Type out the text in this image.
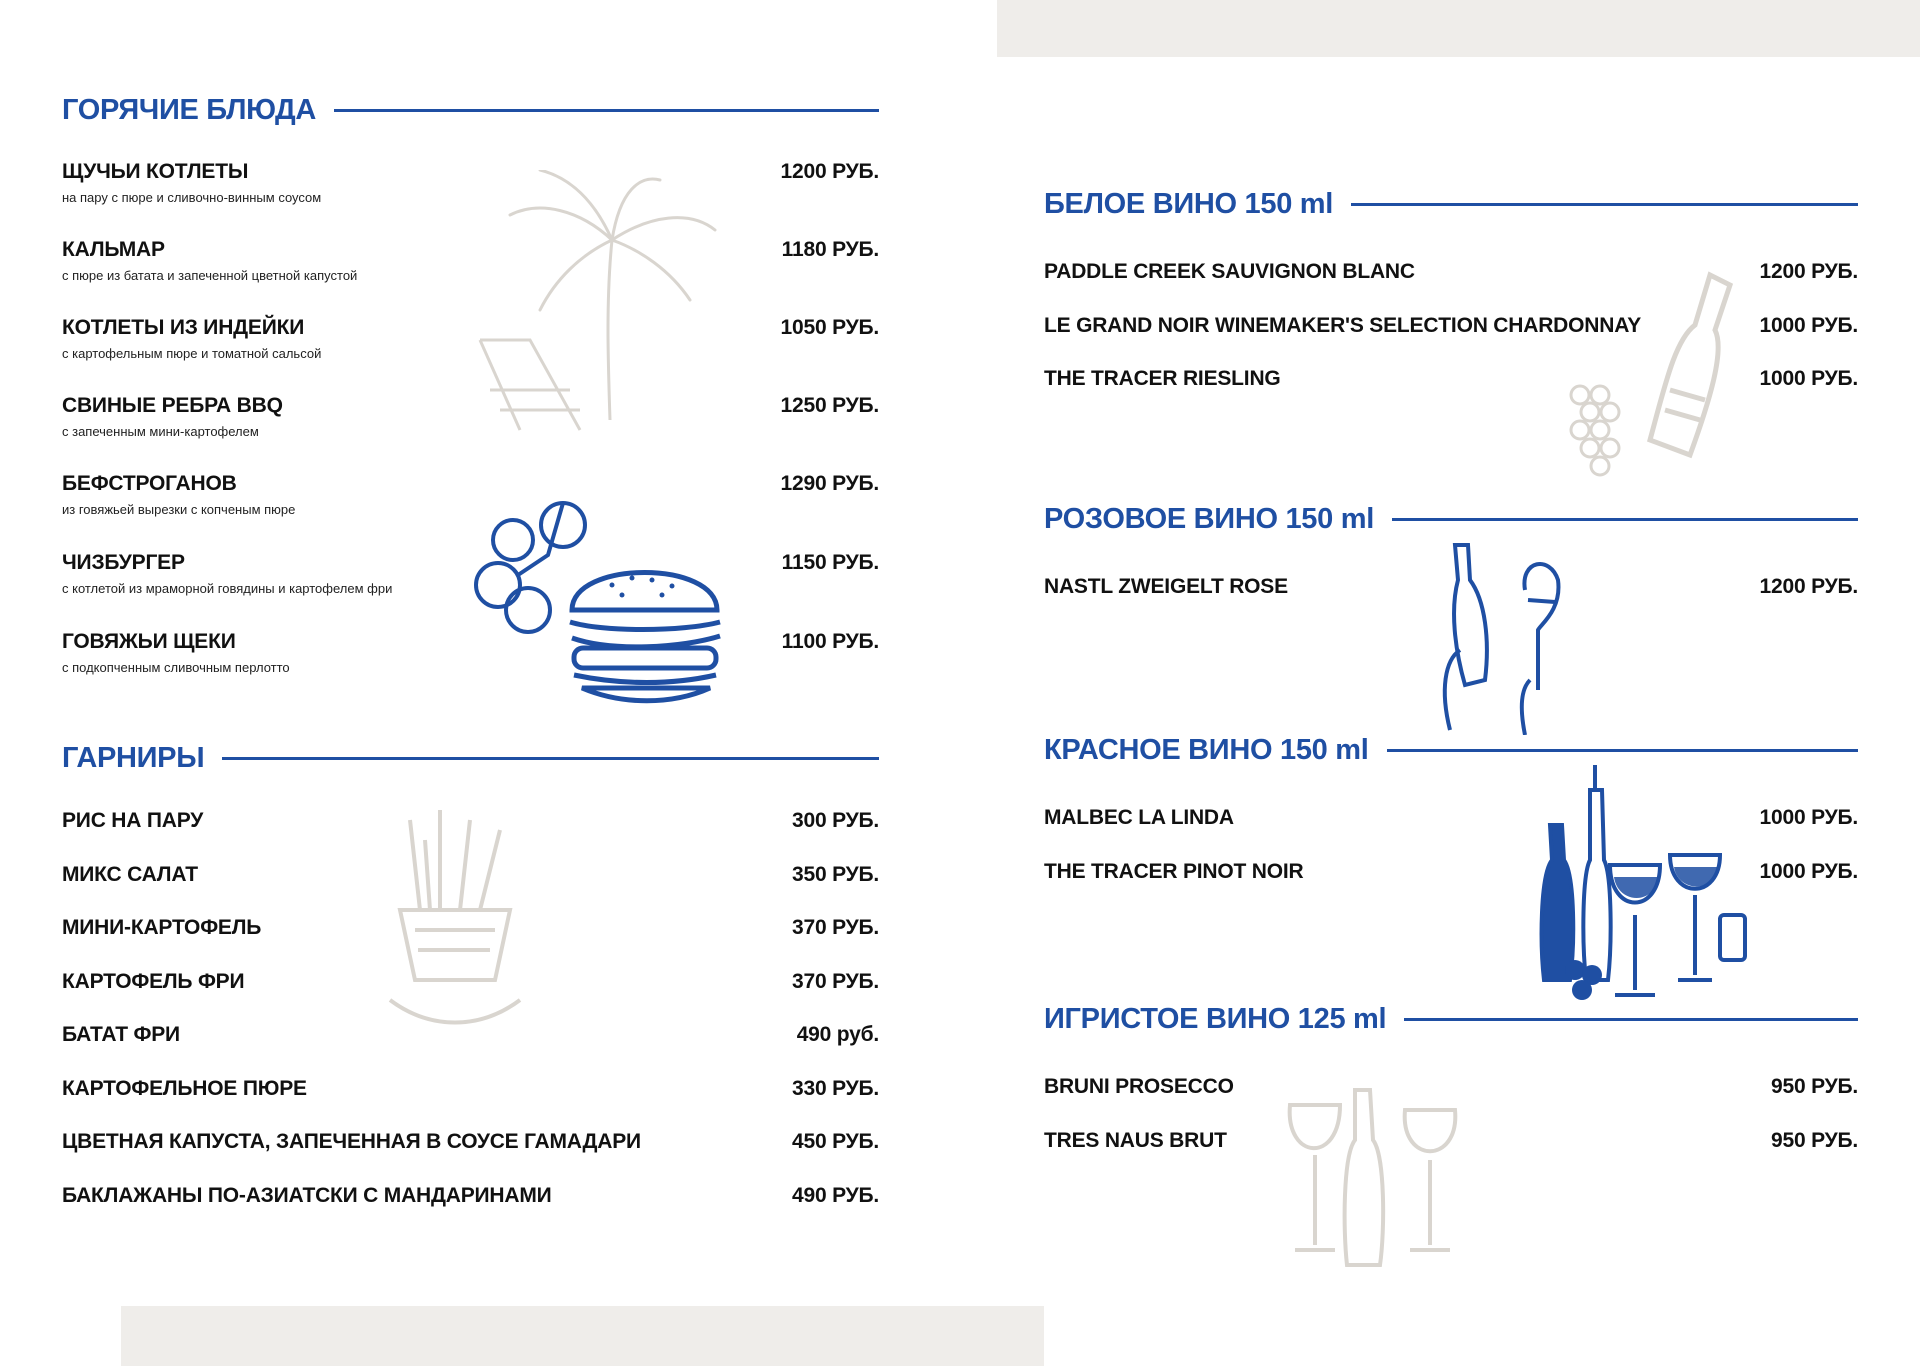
ГОРЯЧИЕ БЛЮДА
ЩУЧЬИ КОТЛЕТЫ
на пару с пюре и сливочно-винным соусом
1200 РУБ.
КАЛЬМАР
с пюре из батата и запеченной цветной капустой
1180 РУБ.
КОТЛЕТЫ ИЗ ИНДЕЙКИ
с картофельным пюре и томатной сальсой
1050 РУБ.
СВИНЫЕ РЕБРА BBQ
с запеченным мини-картофелем
1250 РУБ.
БЕФСТРОГАНОВ
из говяжьей вырезки с копченым пюре
1290 РУБ.
ЧИЗБУРГЕР
с котлетой из мраморной говядины и картофелем фри
1150 РУБ.
ГОВЯЖЬИ ЩЕКИ
с подкопченным сливочным перлотто
1100 РУБ.
ГАРНИРЫ
РИС НА ПАРУ	300 РУБ.
МИКС САЛАТ	350 РУБ.
МИНИ-КАРТОФЕЛЬ	370 РУБ.
КАРТОФЕЛЬ ФРИ	370 РУБ.
БАТАТ ФРИ	490 руб.
КАРТОФЕЛЬНОЕ ПЮРЕ	330 РУБ.
ЦВЕТНАЯ КАПУСТА, ЗАПЕЧЕННАЯ В СОУСЕ ГАМАДАРИ	450 РУБ.
БАКЛАЖАНЫ ПО-АЗИАТСКИ С МАНДАРИНАМИ	490 РУБ.
БЕЛОЕ ВИНО 150 ml
PADDLE CREEK SAUVIGNON BLANC	1200 РУБ.
LE GRAND NOIR WINEMAKER'S SELECTION CHARDONNAY	1000 РУБ.
THE TRACER RIESLING	1000 РУБ.
РОЗОВОЕ ВИНО 150 ml
NASTL ZWEIGELT ROSE	1200 РУБ.
КРАСНОЕ ВИНО 150 ml
MALBEC LA LINDA	1000 РУБ.
THE TRACER PINOT NOIR	1000 РУБ.
ИГРИСТОЕ ВИНО 125 ml
BRUNI PROSECCO	950 РУБ.
TRES NAUS BRUT	950 РУБ.
